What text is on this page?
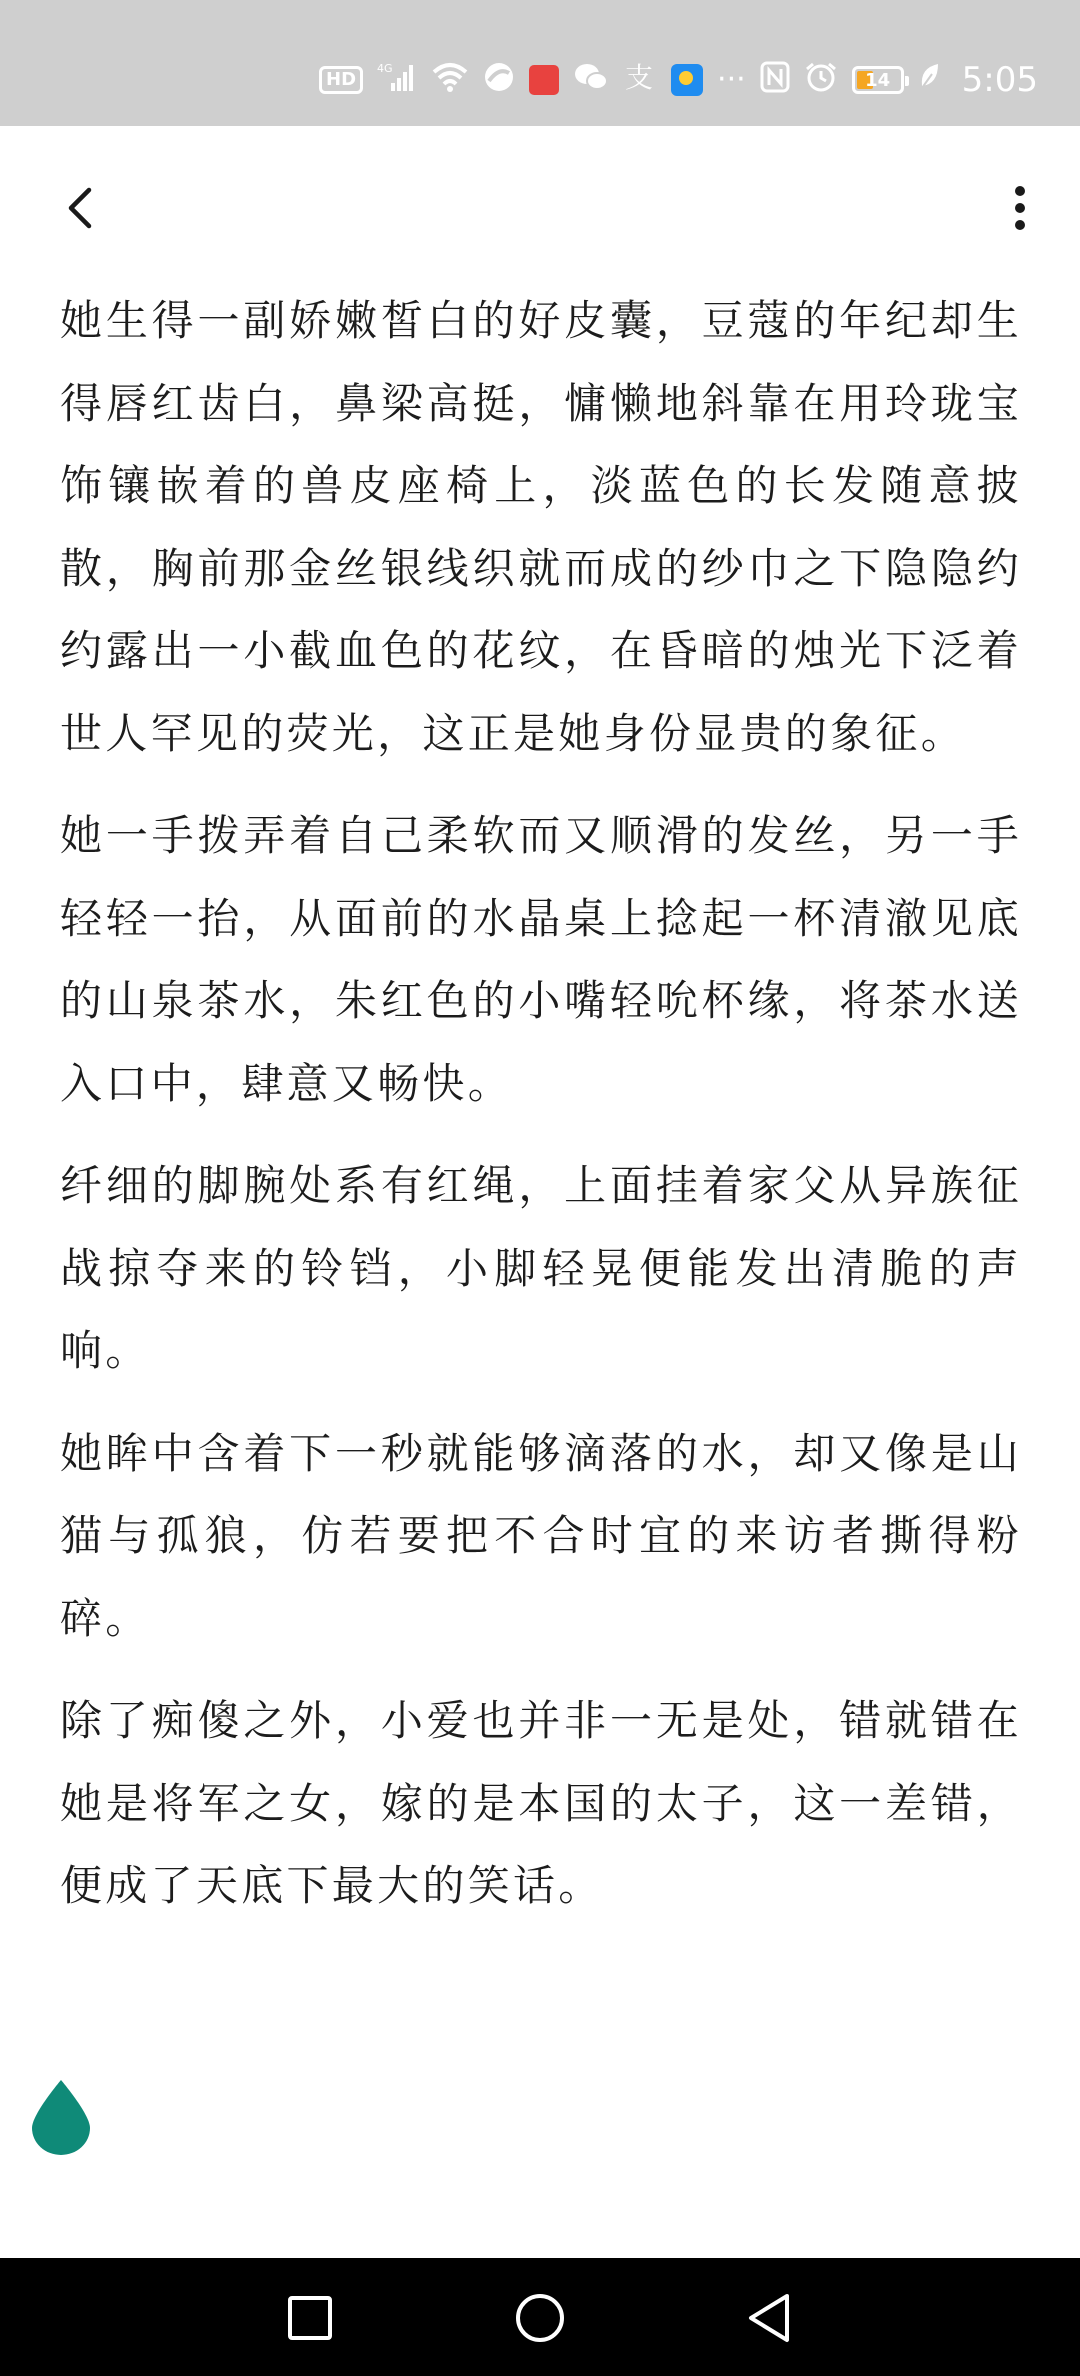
HD
4G	支 ···	14	5:05

她生得一副娇嫩皙白的好皮囊，豆蔻的年纪却生得唇红齿白，鼻梁高挺，慵懒地斜靠在用玲珑宝饰镶嵌着的兽皮座椅上，淡蓝色的长发随意披散，胸前那金丝银线织就而成的纱巾之下隐隐约约露出一小截血色的花纹，在昏暗的烛光下泛着世人罕见的荧光，这正是她身份显贵的象征。

她一手拨弄着自己柔软而又顺滑的发丝，另一手轻轻一抬，从面前的水晶桌上捻起一杯清澈见底的山泉茶水，朱红色的小嘴轻吮杯缘，将茶水送入口中，肆意又畅快。

纤细的脚腕处系有红绳，上面挂着家父从异族征战掠夺来的铃铛，小脚轻晃便能发出清脆的声响。

她眸中含着下一秒就能够滴落的水，却又像是山猫与孤狼，仿若要把不合时宜的来访者撕得粉碎。

除了痴傻之外，小爱也并非一无是处，错就错在她是将军之女，嫁的是本国的太子，这一差错，便成了天底下最大的笑话。
